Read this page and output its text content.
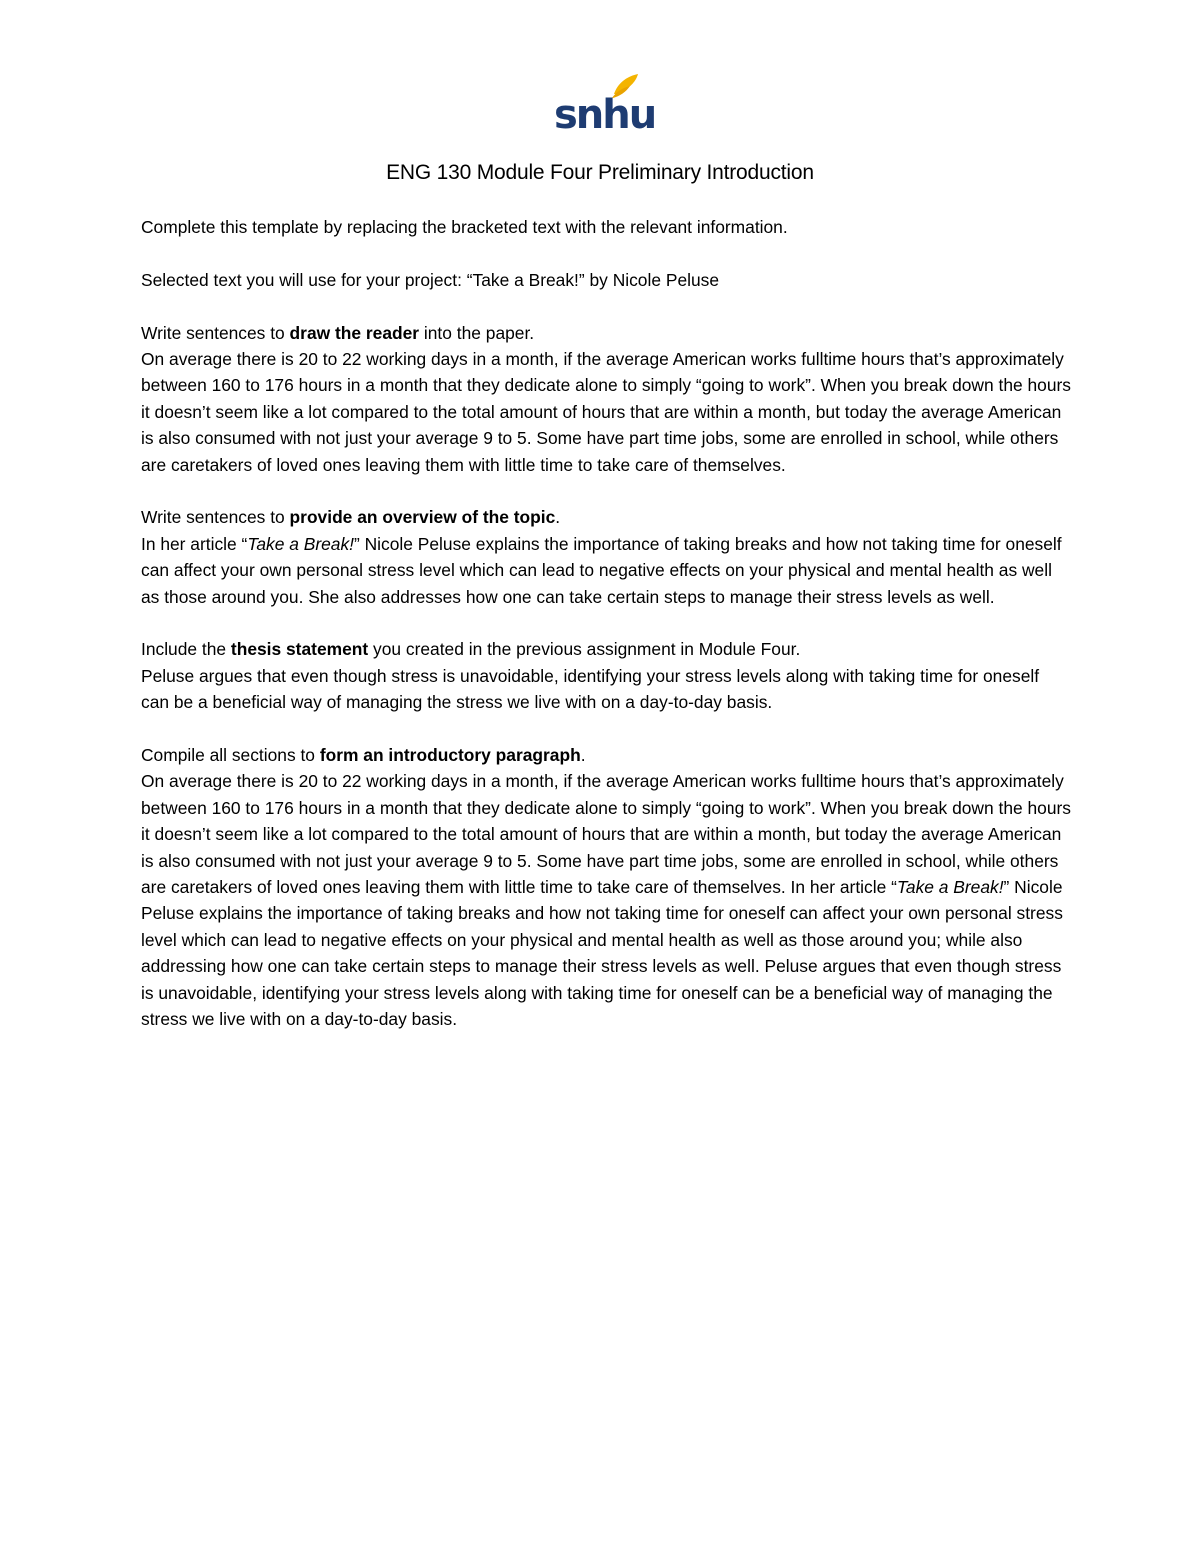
snhu
ENG 130 Module Four Preliminary Introduction

Complete this template by replacing the bracketed text with the relevant information.

Selected text you will use for your project: “Take a Break!” by Nicole Peluse

Write sentences to draw the reader into the paper.

On average there is 20 to 22 working days in a month, if the average American works fulltime hours that’s approximately between 160 to 176 hours in a month that they dedicate alone to simply “going to work”. When you break down the hours it doesn’t seem like a lot compared to the total amount of hours that are within a month, but today the average American is also consumed with not just your average 9 to 5. Some have part time jobs, some are enrolled in school, while others are caretakers of loved ones leaving them with little time to take care of themselves.

Write sentences to provide an overview of the topic.

In her article “Take a Break!” Nicole Peluse explains the importance of taking breaks and how not taking time for oneself can affect your own personal stress level which can lead to negative effects on your physical and mental health as well as those around you. She also addresses how one can take certain steps to manage their stress levels as well.

Include the thesis statement you created in the previous assignment in Module Four.

Peluse argues that even though stress is unavoidable, identifying your stress levels along with taking time for oneself can be a beneficial way of managing the stress we live with on a day-to-day basis.

Compile all sections to form an introductory paragraph.

On average there is 20 to 22 working days in a month, if the average American works fulltime hours that’s approximately between 160 to 176 hours in a month that they dedicate alone to simply “going to work”. When you break down the hours it doesn’t seem like a lot compared to the total amount of hours that are within a month, but today the average American is also consumed with not just your average 9 to 5. Some have part time jobs, some are enrolled in school, while others are caretakers of loved ones leaving them with little time to take care of themselves. In her article “Take a Break!” Nicole Peluse explains the importance of taking breaks and how not taking time for oneself can affect your own personal stress level which can lead to negative effects on your physical and mental health as well as those around you; while also addressing how one can take certain steps to manage their stress levels as well. Peluse argues that even though stress is unavoidable, identifying your stress levels along with taking time for oneself can be a beneficial way of managing the stress we live with on a day-to-day basis.
